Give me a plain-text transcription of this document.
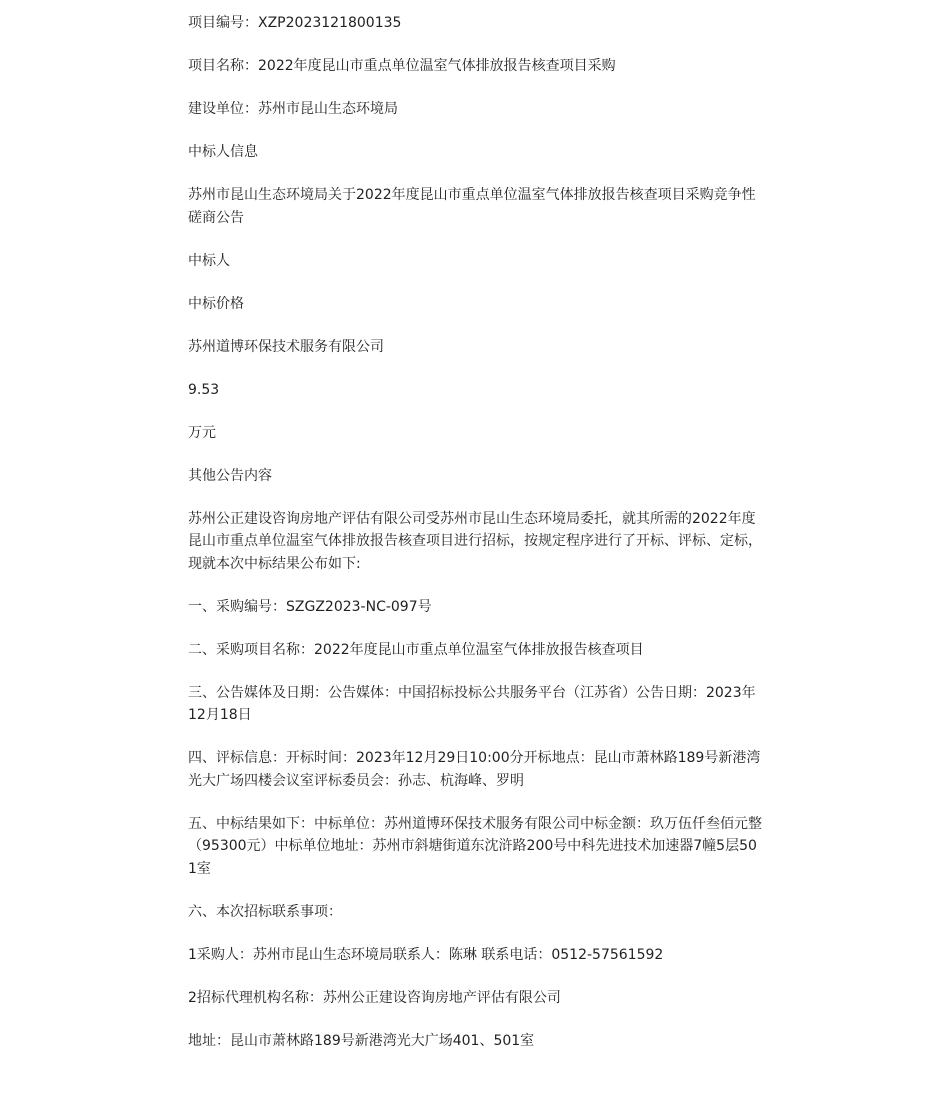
项目编号：XZP2023121800135

项目名称：2022年度昆山市重点单位温室气体排放报告核查项目采购

建设单位：苏州市昆山生态环境局

中标人信息

苏州市昆山生态环境局关于2022年度昆山市重点单位温室气体排放报告核查项目采购竞争性磋商公告

中标人

中标价格

苏州道博环保技术服务有限公司

9.53

万元

其他公告内容

苏州公正建设咨询房地产评估有限公司受苏州市昆山生态环境局委托，就其所需的2022年度昆山市重点单位温室气体排放报告核查项目进行招标，按规定程序进行了开标、评标、定标，现就本次中标结果公布如下:

一、采购编号：SZGZ2023-NC-097号

二、采购项目名称：2022年度昆山市重点单位温室气体排放报告核查项目

三、公告媒体及日期：公告媒体：中国招标投标公共服务平台（江苏省）公告日期：2023年12月18日

四、评标信息：开标时间：2023年12月29日10:00分开标地点：昆山市萧林路189号新港湾光大广场四楼会议室评标委员会：孙志、杭海峰、罗明

五、中标结果如下：中标单位：苏州道博环保技术服务有限公司中标金额：玖万伍仟叁佰元整（95300元）中标单位地址：苏州市斜塘街道东沈浒路200号中科先进技术加速器7幢5层501室

六、本次招标联系事项：

1采购人：苏州市昆山生态环境局联系人：陈琳 联系电话：0512-57561592

2招标代理机构名称：苏州公正建设咨询房地产评估有限公司

地址：昆山市萧林路189号新港湾光大广场401、501室
